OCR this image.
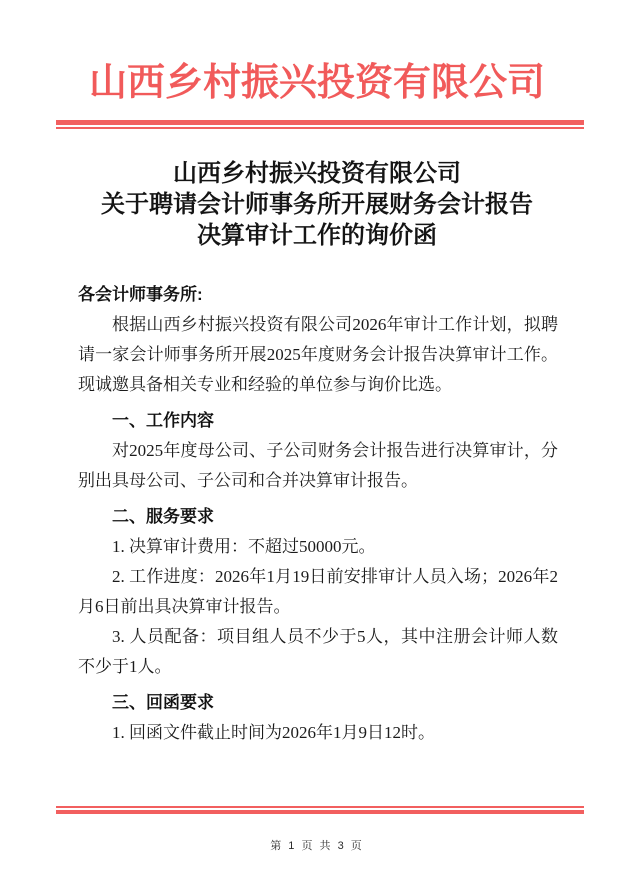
山西乡村振兴投资有限公司
山西乡村振兴投资有限公司
关于聘请会计师事务所开展财务会计报告
决算审计工作的询价函
各会计师事务所:
根据山西乡村振兴投资有限公司2026年审计工作计划，拟聘请一家会计师事务所开展2025年度财务会计报告决算审计工作。现诚邀具备相关专业和经验的单位参与询价比选。
一、工作内容
对2025年度母公司、子公司财务会计报告进行决算审计，分别出具母公司、子公司和合并决算审计报告。
二、服务要求
1. 决算审计费用：不超过50000元。
2. 工作进度：2026年1月19日前安排审计人员入场；2026年2月6日前出具决算审计报告。
3. 人员配备：项目组人员不少于5人，其中注册会计师人数不少于1人。
三、回函要求
1. 回函文件截止时间为2026年1月9日12时。
第 1 页 共 3 页
